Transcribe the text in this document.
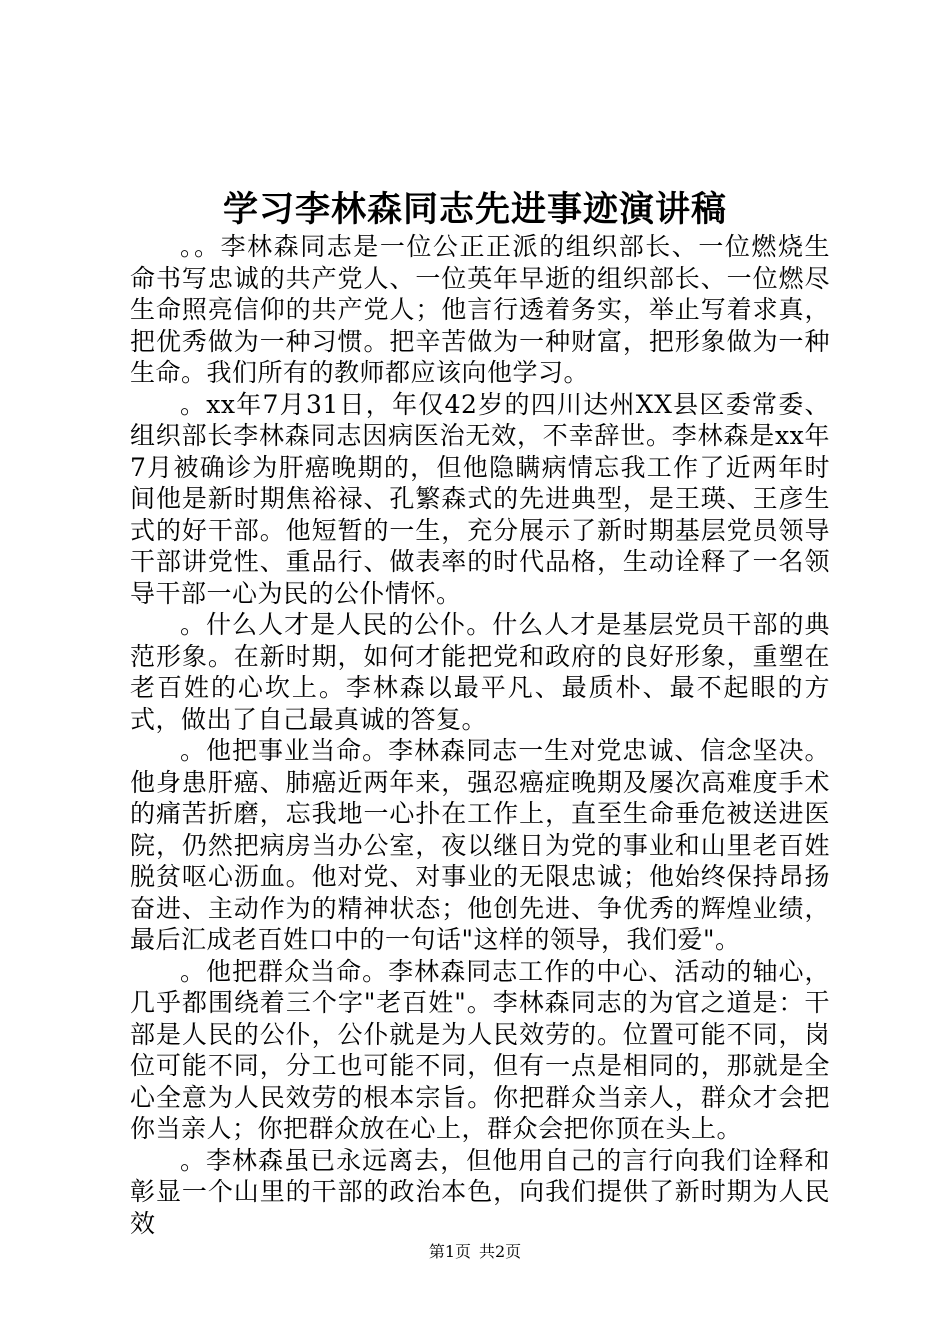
学习李林森同志先进事迹演讲稿

。。李林森同志是一位公正正派的组织部长、一位燃烧生命书写忠诚的共产党人、一位英年早逝的组织部长、一位燃尽生命照亮信仰的共产党人；他言行透着务实，举止写着求真，把优秀做为一种习惯。把辛苦做为一种财富，把形象做为一种生命。我们所有的教师都应该向他学习。

。xx年7月31日，年仅42岁的四川达州XX县区委常委、组织部长李林森同志因病医治无效，不幸辞世。李林森是xx年7月被确诊为肝癌晚期的，但他隐瞒病情忘我工作了近两年时间他是新时期焦裕禄、孔繁森式的先进典型，是王瑛、王彦生式的好干部。他短暂的一生，充分展示了新时期基层党员领导干部讲党性、重品行、做表率的时代品格，生动诠释了一名领导干部一心为民的公仆情怀。

。什么人才是人民的公仆。什么人才是基层党员干部的典范形象。在新时期，如何才能把党和政府的良好形象，重塑在老百姓的心坎上。李林森以最平凡、最质朴、最不起眼的方式，做出了自己最真诚的答复。

。他把事业当命。李林森同志一生对党忠诚、信念坚决。他身患肝癌、肺癌近两年来，强忍癌症晚期及屡次高难度手术的痛苦折磨，忘我地一心扑在工作上，直至生命垂危被送进医院，仍然把病房当办公室，夜以继日为党的事业和山里老百姓脱贫呕心沥血。他对党、对事业的无限忠诚；他始终保持昂扬奋进、主动作为的精神状态；他创先进、争优秀的辉煌业绩，最后汇成老百姓口中的一句话"这样的领导，我们爱"。

。他把群众当命。李林森同志工作的中心、活动的轴心，几乎都围绕着三个字"老百姓"。李林森同志的为官之道是：干部是人民的公仆，公仆就是为人民效劳的。位置可能不同，岗位可能不同，分工也可能不同，但有一点是相同的，那就是全心全意为人民效劳的根本宗旨。你把群众当亲人，群众才会把你当亲人；你把群众放在心上，群众会把你顶在头上。

。李林森虽已永远离去，但他用自己的言行向我们诠释和彰显一个山里的干部的政治本色，向我们提供了新时期为人民效

第1页 共2页
